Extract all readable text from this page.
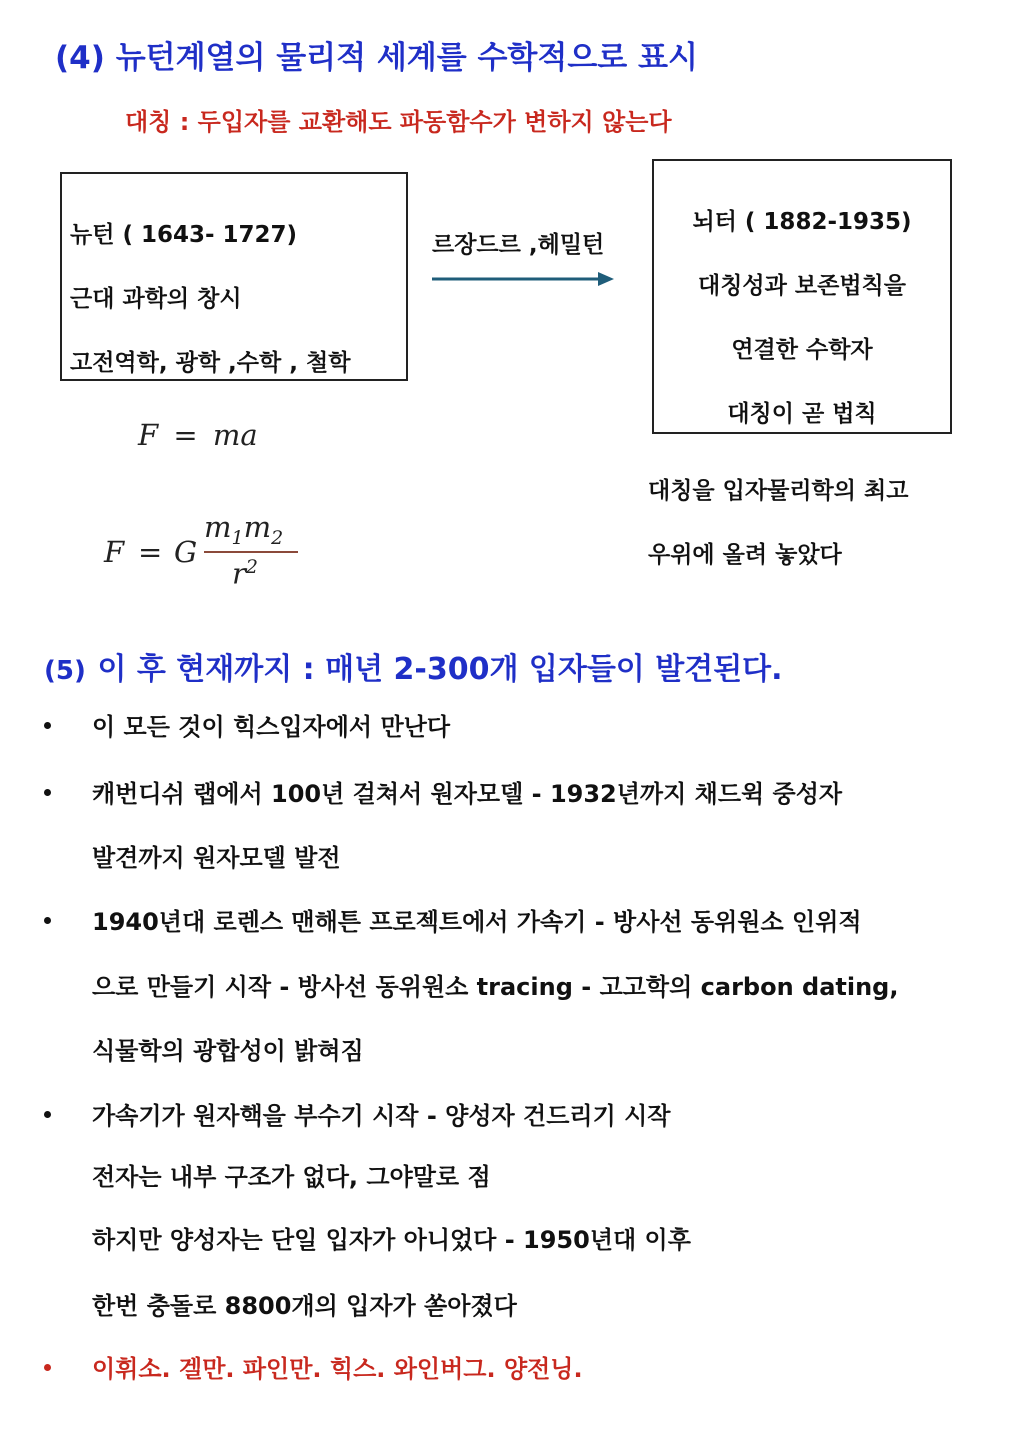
(4) 뉴턴계열의 물리적 세계를 수학적으로 표시
대칭 : 두입자를 교환해도 파동함수가 변하지 않는다
뉴턴 ( 1643- 1727)
근대 과학의 창시
고전역학, 광학 ,수학 , 철학
르장드르 ,헤밀턴
뇌터 ( 1882-1935)
대칭성과 보존법칙을
연결한 수학자
대칭이 곧 법칙
대칭을 입자물리학의 최고
우위에 올려 놓았다
F = ma
F = G
$m_1m_2$
$r^2$
(5) 이 후 현재까지 : 매년 2-300개 입자들이 발견된다.
이 모든 것이 힉스입자에서 만난다
캐번디쉬 랩에서 100년 걸쳐서 원자모델 - 1932년까지 채드윅 중성자
발견까지 원자모델 발전
1940년대 로렌스 맨해튼 프로젝트에서 가속기 - 방사선 동위원소 인위적
으로 만들기 시작 - 방사선 동위원소 tracing - 고고학의 carbon dating,
식물학의 광합성이 밝혀짐
가속기가 원자핵을 부수기 시작 - 양성자 건드리기 시작
전자는 내부 구조가 없다, 그야말로 점
하지만 양성자는 단일 입자가 아니었다 - 1950년대 이후
한번 충돌로 8800개의 입자가 쏟아졌다
이휘소. 겔만. 파인만. 힉스. 와인버그. 양전닝.
